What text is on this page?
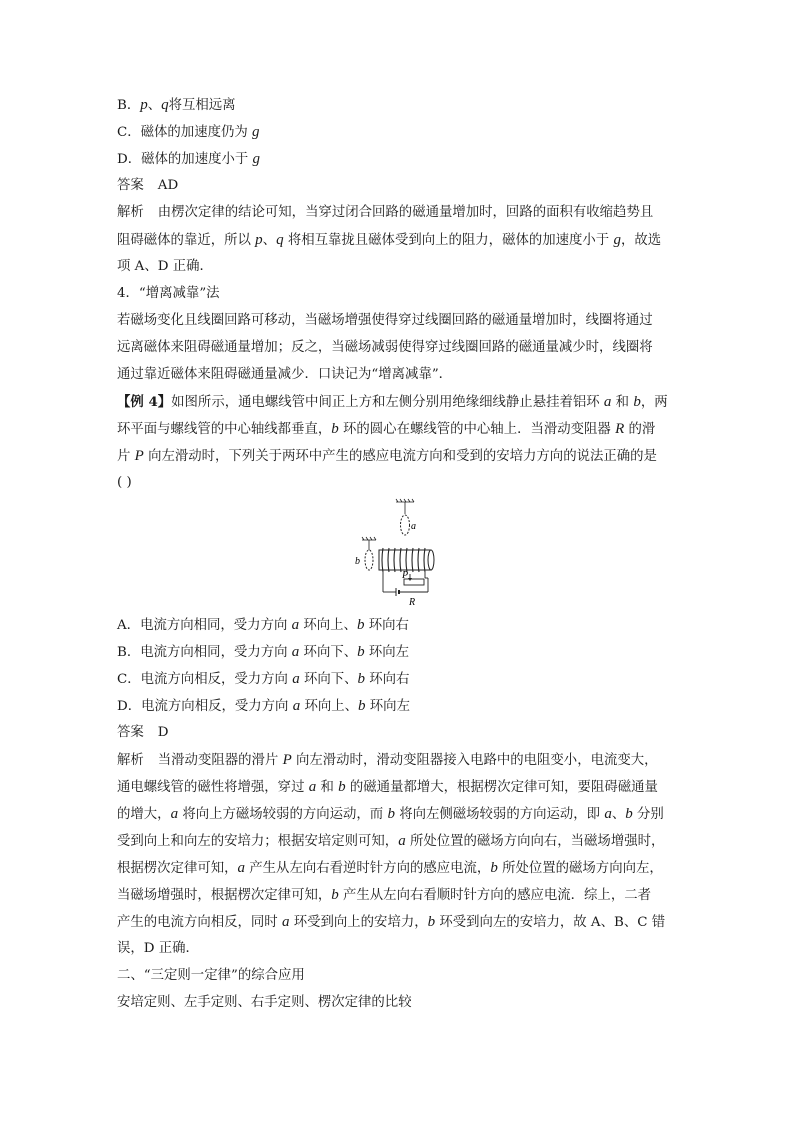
B．p、q将互相远离
C．磁体的加速度仍为 g
D．磁体的加速度小于 g
答案 AD
解析 由楞次定律的结论可知，当穿过闭合回路的磁通量增加时，回路的面积有收缩趋势且
阻碍磁体的靠近，所以 p、q 将相互靠拢且磁体受到向上的阻力，磁体的加速度小于 g，故选
项 A、D 正确．
4．“增离减靠”法
若磁场变化且线圈回路可移动，当磁场增强使得穿过线圈回路的磁通量增加时，线圈将通过
远离磁体来阻碍磁通量增加；反之，当磁场减弱使得穿过线圈回路的磁通量减少时，线圈将
通过靠近磁体来阻碍磁通量减少．口诀记为“增离减靠”．
【例 4】如图所示，通电螺线管中间正上方和左侧分别用绝缘细线静止悬挂着铝环 a 和 b，两
环平面与螺线管的中心轴线都垂直，b 环的圆心在螺线管的中心轴上．当滑动变阻器 R 的滑
片 P 向左滑动时，下列关于两环中产生的感应电流方向和受到的安培力方向的说法正确的是
( )
a
b
P
R
A．电流方向相同，受力方向 a 环向上、b 环向右
B．电流方向相同，受力方向 a 环向下、b 环向左
C．电流方向相反，受力方向 a 环向下、b 环向右
D．电流方向相反，受力方向 a 环向上、b 环向左
答案 D
解析 当滑动变阻器的滑片 P 向左滑动时，滑动变阻器接入电路中的电阻变小，电流变大，
通电螺线管的磁性将增强，穿过 a 和 b 的磁通量都增大，根据楞次定律可知，要阻碍磁通量
的增大，a 将向上方磁场较弱的方向运动，而 b 将向左侧磁场较弱的方向运动，即 a、b 分别
受到向上和向左的安培力；根据安培定则可知，a 所处位置的磁场方向向右，当磁场增强时，
根据楞次定律可知，a 产生从左向右看逆时针方向的感应电流，b 所处位置的磁场方向向左，
当磁场增强时，根据楞次定律可知，b 产生从左向右看顺时针方向的感应电流．综上，二者
产生的电流方向相反，同时 a 环受到向上的安培力，b 环受到向左的安培力，故 A、B、C 错
误，D 正确．
二、“三定则一定律”的综合应用
安培定则、左手定则、右手定则、楞次定律的比较
